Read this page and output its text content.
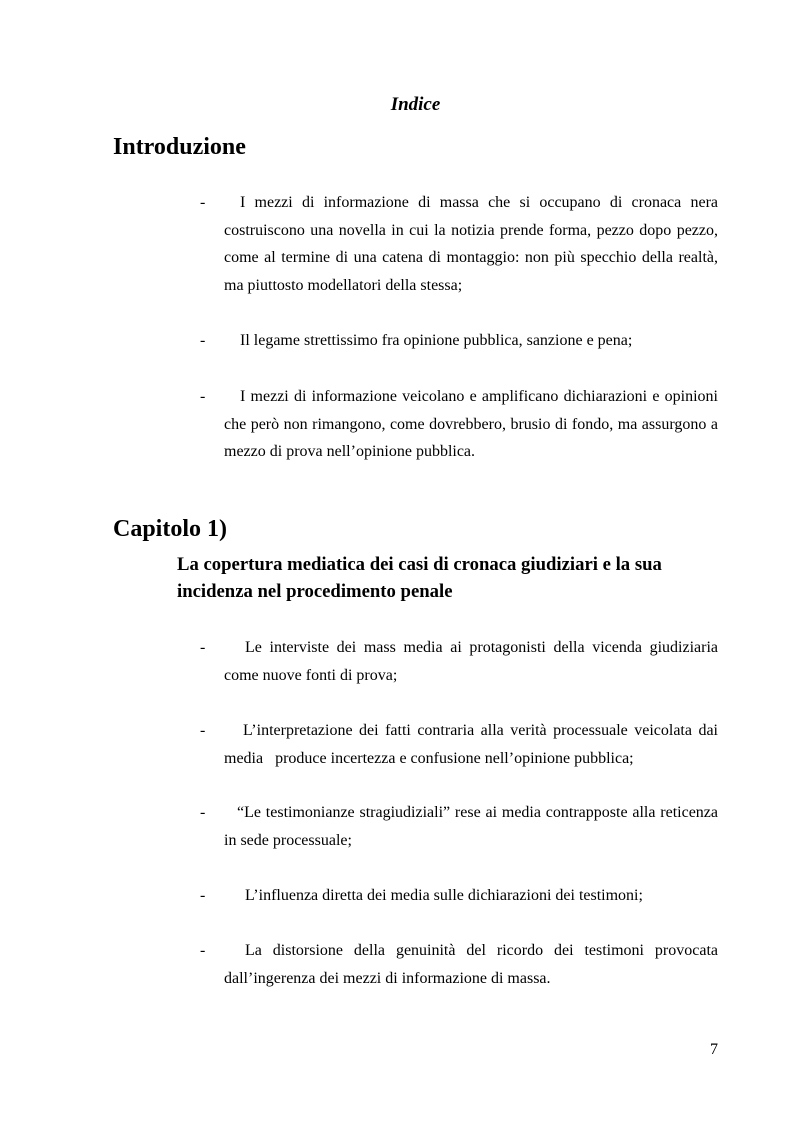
Indice
Introduzione
-	I mezzi di informazione di massa che si occupano di cronaca nera costruiscono una novella in cui la notizia prende forma, pezzo dopo pezzo, come al termine di una catena di montaggio: non più specchio della realtà, ma piuttosto modellatori della stessa;

-	Il legame strettissimo fra opinione pubblica, sanzione e pena;

-	I mezzi di informazione veicolano e amplificano dichiarazioni e opinioni che però non rimangono, come dovrebbero, brusio di fondo, ma assurgono a mezzo di prova nell’opinione pubblica.

Capitolo 1)
La copertura mediatica dei casi di cronaca giudiziari e la sua incidenza nel procedimento penale
-	Le interviste dei mass media ai protagonisti della vicenda giudiziaria come nuove fonti di prova;

-	L’interpretazione dei fatti contraria alla verità processuale veicolata dai media   produce incertezza e confusione nell’opinione pubblica;

-	“Le testimonianze stragiudiziali” rese ai media contrapposte alla reticenza in sede processuale;

-	L’influenza diretta dei media sulle dichiarazioni dei testimoni;

-	La distorsione della genuinità del ricordo dei testimoni provocata dall’ingerenza dei mezzi di informazione di massa.

7
